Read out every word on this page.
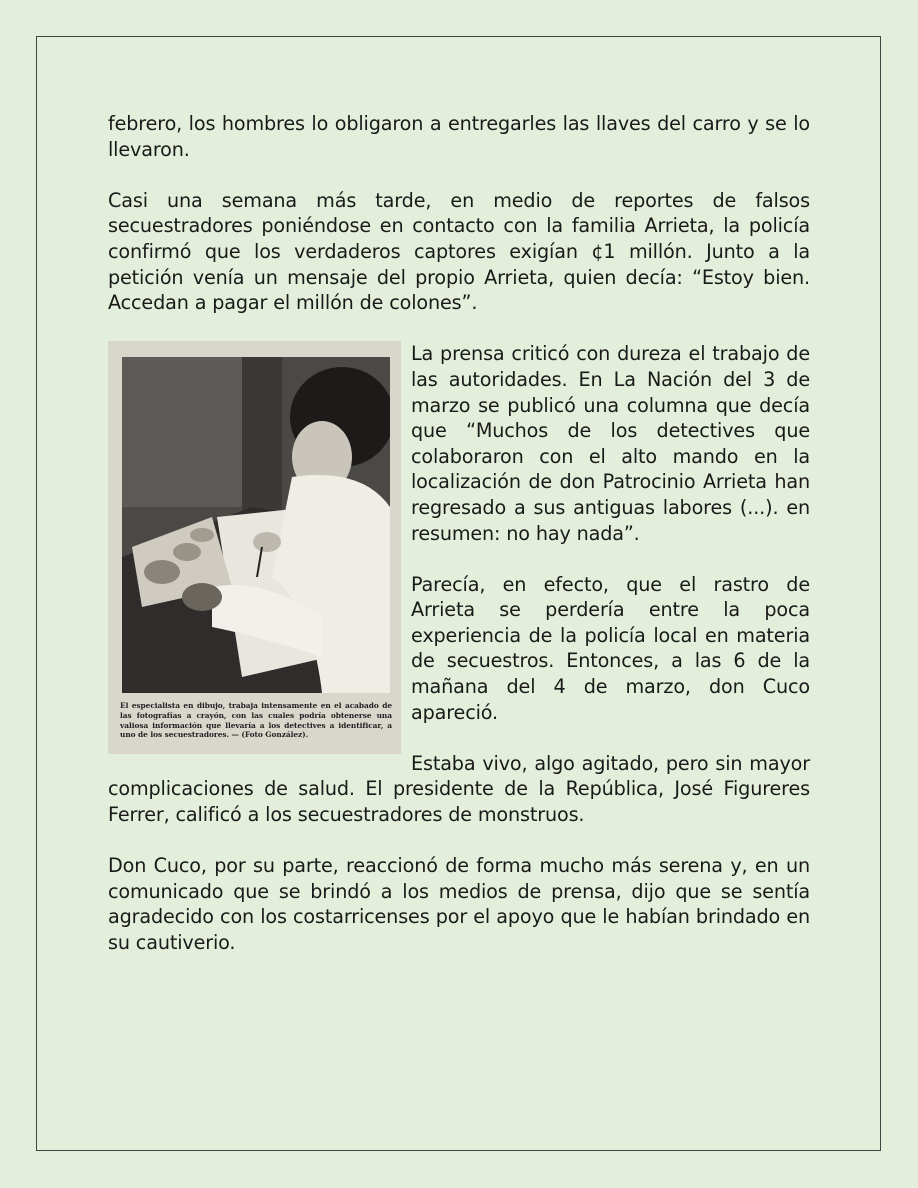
febrero, los hombres lo obligaron a entregarles las llaves del carro y se lo llevaron.

Casi una semana más tarde, en medio de reportes de falsos secuestradores poniéndose en contacto con la familia Arrieta, la policía confirmó que los verdaderos captores exigían ¢1 millón. Junto a la petición venía un mensaje del propio Arrieta, quien decía: “Estoy bien. Accedan a pagar el millón de colones”.

El especialista en dibujo, trabaja intensamente en el acabado de las fotografías a crayón, con las cuales podría obtenerse una valiosa información que llevaría a los detectives a identificar, a uno de los secuestradores. — (Foto González).

La prensa criticó con dureza el trabajo de las autoridades. En La Nación del 3 de marzo se publicó una columna que decía que “Muchos de los detectives que colaboraron con el alto mando en la localización de don Patrocinio Arrieta han regresado a sus antiguas labores (...). en resumen: no hay nada”.

Parecía, en efecto, que el rastro de Arrieta se perdería entre la poca experiencia de la policía local en materia de secuestros. Entonces, a las 6 de la mañana del 4 de marzo, don Cuco apareció.

Estaba vivo, algo agitado, pero sin mayor complicaciones de salud. El presidente de la República, José Figureres Ferrer, calificó a los secuestradores de monstruos.

Don Cuco, por su parte, reaccionó de forma mucho más serena y, en un comunicado que se brindó a los medios de prensa, dijo que se sentía agradecido con los costarricenses por el apoyo que le habían brindado en su cautiverio.
